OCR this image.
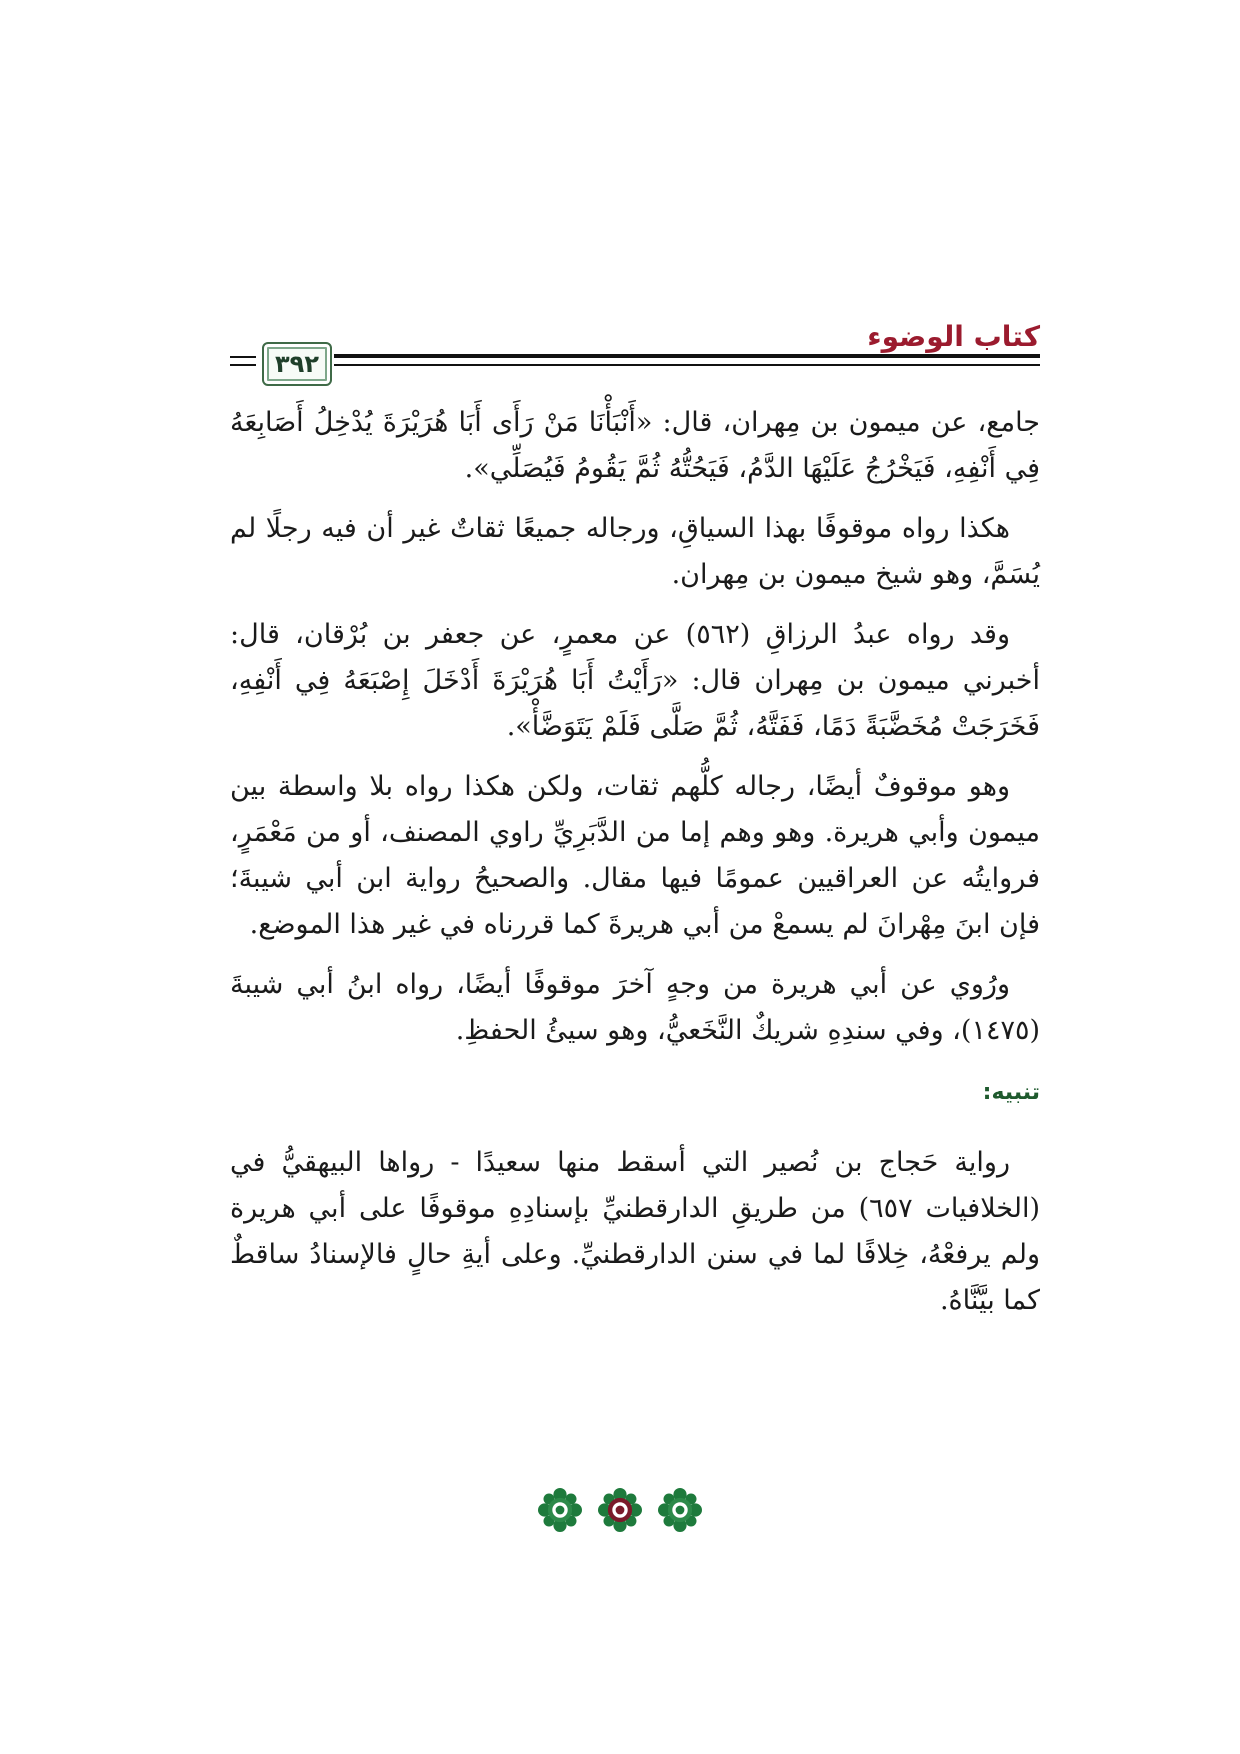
كتاب الوضوء
٣٩٢

جامع، عن ميمون بن مِهران، قال: «أَنْبَأْنَا مَنْ رَأَى أَبَا هُرَيْرَةَ يُدْخِلُ أَصَابِعَهُ فِي أَنْفِهِ، فَيَخْرُجُ عَلَيْهَا الدَّمُ، فَيَحُتُّهُ ثُمَّ يَقُومُ فَيُصَلِّي».

هكذا رواه موقوفًا بهذا السياقِ، ورجاله جميعًا ثقاتٌ غير أن فيه رجلًا لم يُسَمَّ، وهو شيخ ميمون بن مِهران.

وقد رواه عبدُ الرزاقِ (٥٦٢) عن معمرٍ، عن جعفر بن بُرْقان، قال: أخبرني ميمون بن مِهران قال: «رَأَيْتُ أَبَا هُرَيْرَةَ أَدْخَلَ إِصْبَعَهُ فِي أَنْفِهِ، فَخَرَجَتْ مُخَضَّبَةً دَمًا، فَفَتَّهُ، ثُمَّ صَلَّى فَلَمْ يَتَوَضَّأْ».

وهو موقوفٌ أيضًا، رجاله كلُّهم ثقات، ولكن هكذا رواه بلا واسطة بين ميمون وأبي هريرة. وهو وهم إما من الدَّبَرِيِّ راوي المصنف، أو من مَعْمَرٍ، فروايتُه عن العراقيين عمومًا فيها مقال. والصحيحُ رواية ابن أبي شيبةَ؛ فإن ابنَ مِهْرانَ لم يسمعْ من أبي هريرةَ كما قررناه في غير هذا الموضع.

ورُوي عن أبي هريرة من وجهٍ آخرَ موقوفًا أيضًا، رواه ابنُ أبي شيبةَ (١٤٧٥)، وفي سندِهِ شريكٌ النَّخَعيُّ، وهو سيئُ الحفظِ.

تنبيه:

رواية حَجاج بن نُصير التي أسقط منها سعيدًا - رواها البيهقيُّ في (الخلافيات ٦٥٧) من طريقِ الدارقطنيِّ بإسنادِهِ موقوفًا على أبي هريرة ولم يرفعْهُ، خِلافًا لما في سنن الدارقطنيِّ. وعلى أيةِ حالٍ فالإسنادُ ساقطٌ كما بيَّنَّاهُ.
